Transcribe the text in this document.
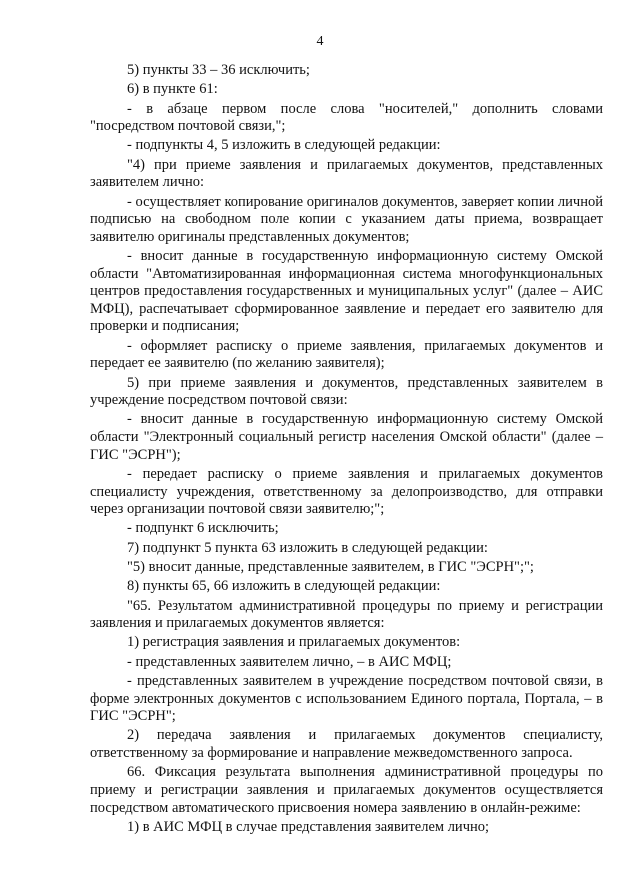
4

5) пункты 33 – 36 исключить;

6) в пункте 61:

- в абзаце первом после слова "носителей," дополнить словами "посредством почтовой связи,";

- подпункты 4, 5 изложить в следующей редакции:

"4) при приеме заявления и прилагаемых документов, представленных заявителем лично:

- осуществляет копирование оригиналов документов, заверяет копии личной подписью на свободном поле копии с указанием даты приема, возвращает заявителю оригиналы представленных документов;

- вносит данные в государственную информационную систему Омской области "Автоматизированная информационная система многофункциональных центров предоставления государственных и муниципальных услуг" (далее – АИС МФЦ), распечатывает сформированное заявление и передает его заявителю для проверки и подписания;

- оформляет расписку о приеме заявления, прилагаемых документов и передает ее заявителю (по желанию заявителя);

5) при приеме заявления и документов, представленных заявителем в учреждение посредством почтовой связи:

- вносит данные в государственную информационную систему Омской области "Электронный социальный регистр населения Омской области" (далее – ГИС "ЭСРН");

- передает расписку о приеме заявления и прилагаемых документов специалисту учреждения, ответственному за делопроизводство, для отправки через организации почтовой связи заявителю;";

- подпункт 6 исключить;

7) подпункт 5 пункта 63 изложить в следующей редакции:

"5) вносит данные, представленные заявителем, в ГИС "ЭСРН";";

8) пункты 65, 66 изложить в следующей редакции:

"65. Результатом административной процедуры по приему и регистрации заявления и прилагаемых документов является:

1) регистрация заявления и прилагаемых документов:

- представленных заявителем лично, – в АИС МФЦ;

- представленных заявителем в учреждение посредством почтовой связи, в форме электронных документов с использованием Единого портала, Портала, – в ГИС "ЭСРН";

2) передача заявления и прилагаемых документов специалисту, ответственному за формирование и направление межведомственного запроса.

66. Фиксация результата выполнения административной процедуры по приему и регистрации заявления и прилагаемых документов осуществляется посредством автоматического присвоения номера заявлению в онлайн-режиме:

1) в АИС МФЦ в случае представления заявителем лично;
